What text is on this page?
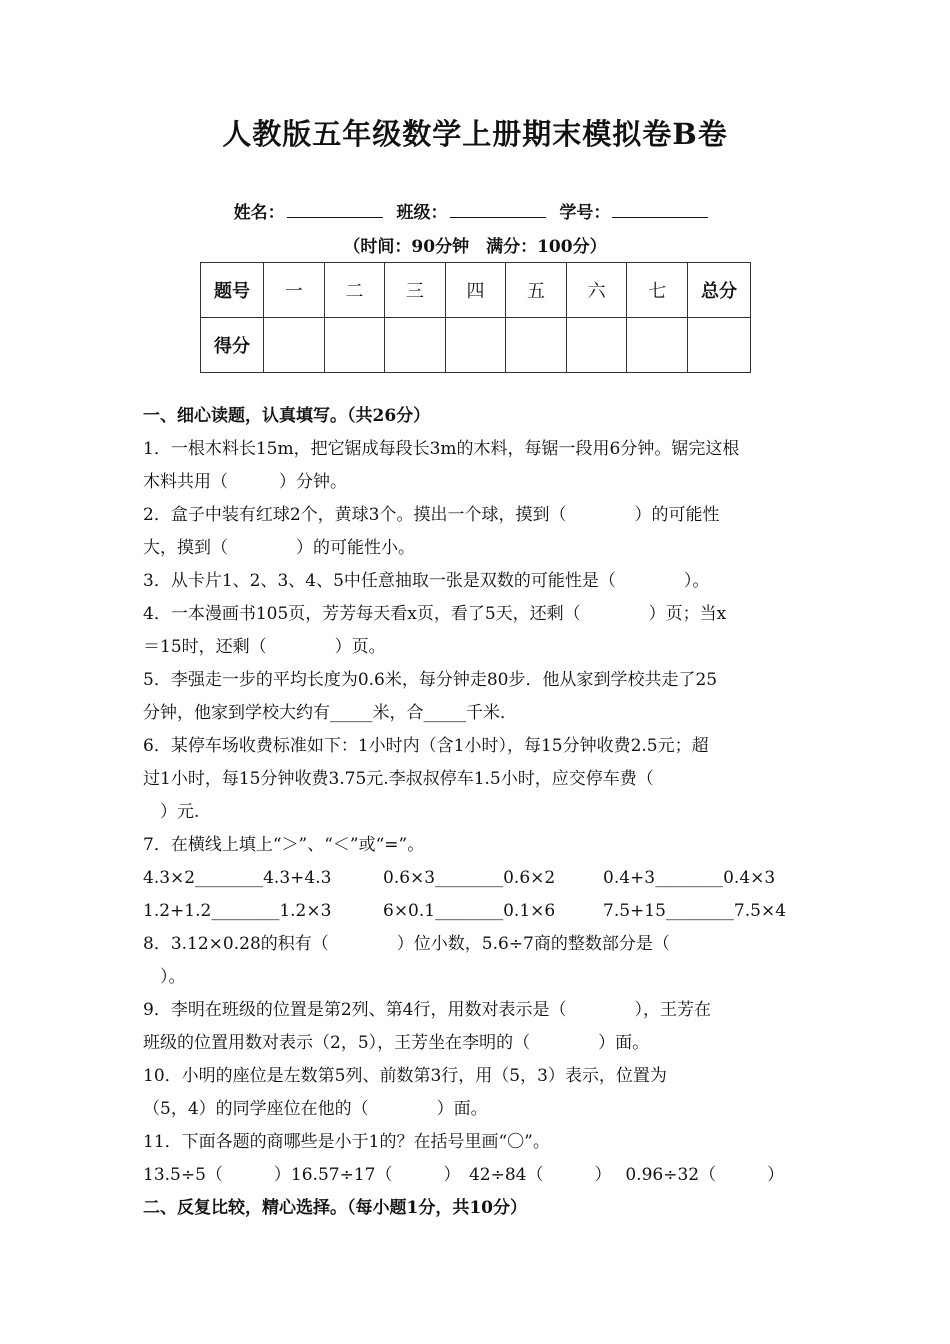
人教版五年级数学上册期末模拟卷B卷
姓名：	班级：	学号：
（时间：90分钟　满分：100分）
题号	一	二	三	四	五	六	七	总分
得分								
一、细心读题，认真填写。（共26分）
1．一根木料长15m，把它锯成每段长3m的木料，每锯一段用6分钟。锯完这根
木料共用（　　　）分钟。
2．盒子中装有红球2个，黄球3个。摸出一个球，摸到（　　　　）的可能性
大，摸到（　　　　）的可能性小。
3．从卡片1、2、3、4、5中任意抽取一张是双数的可能性是（　　　　）。
4．一本漫画书105页，芳芳每天看x页，看了5天，还剩（　　　　）页；当x
＝15时，还剩（　　　　）页。
5．李强走一步的平均长度为0.6米，每分钟走80步．他从家到学校共走了25
分钟，他家到学校大约有_____米，合_____千米．
6．某停车场收费标准如下：1小时内（含1小时），每15分钟收费2.5元；超
过1小时，每15分钟收费3.75元.李叔叔停车1.5小时，应交停车费（
　）元.
7．在横线上填上“＞”、“＜”或“=”。
4.3×2________4.3+4.3	0.6×3________0.6×2	0.4+3________0.4×3
1.2+1.2________1.2×3	6×0.1________0.1×6	7.5+15________7.5×4
8．3.12×0.28的积有（　　　　）位小数，5.6÷7商的整数部分是（
　）。
9．李明在班级的位置是第2列、第4行，用数对表示是（　　　　），王芳在
班级的位置用数对表示（2，5），王芳坐在李明的（　　　　）面。
10．小明的座位是左数第5列、前数第3行，用（5，3）表示，位置为
（5，4）的同学座位在他的（　　　　）面。
11．下面各题的商哪些是小于1的？在括号里画“〇”。
13.5÷5（　　　）16.57÷17（　　　）　42÷84（　　　）　 0.96÷32（　　　）
二、反复比较，精心选择。（每小题1分，共10分）
